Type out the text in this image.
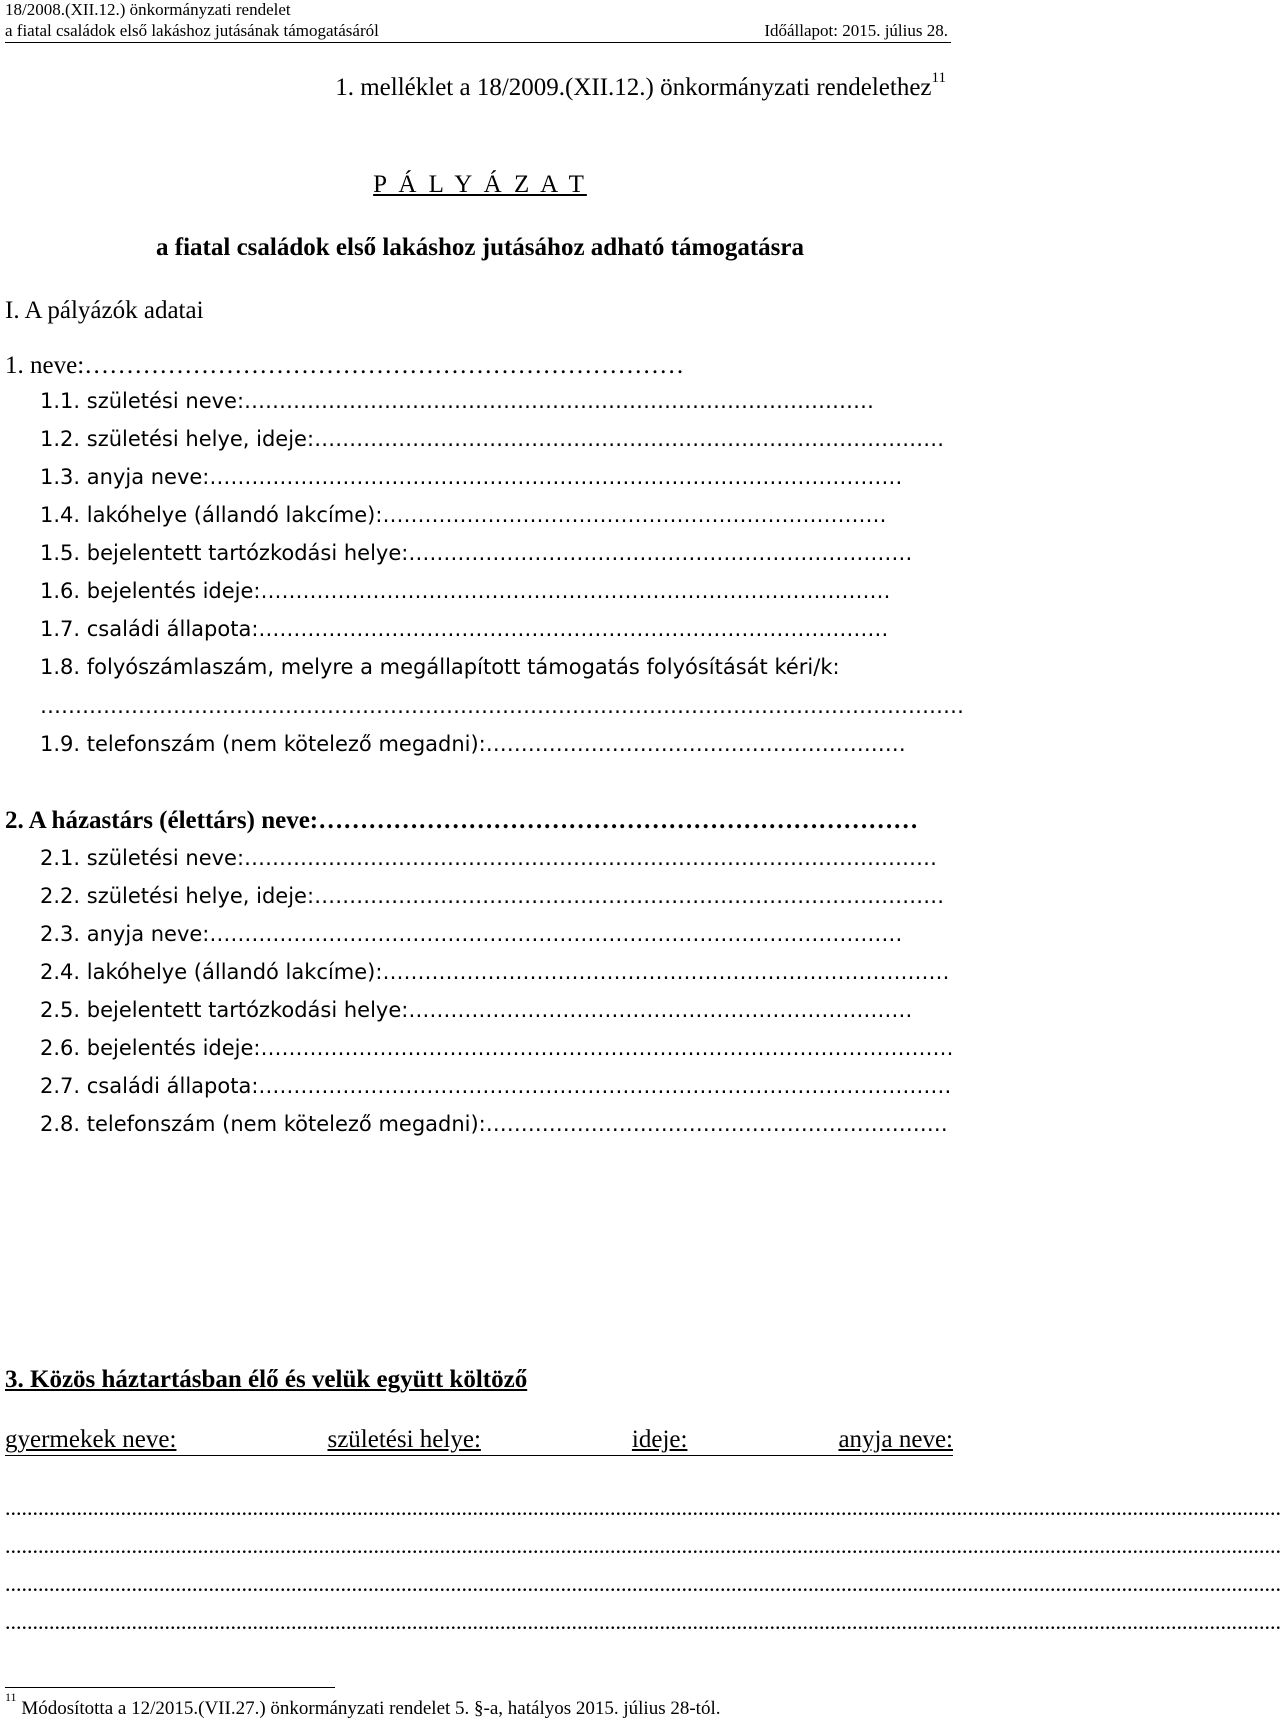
18/2008.(XII.12.) önkormányzati rendelet
a fiatal családok első lakáshoz jutásának támogatásáról	Időállapot: 2015. július 28.
1. melléklet a 18/2009.(XII.12.) önkormányzati rendelethez$^{11}$
P Á L Y Á Z A T
a fiatal családok első lakáshoz jutásához adható támogatásra
I. A pályázók adatai
1. neve:………………………………………………………………
1.1. születési neve:………………………………………………………………………………
1.2. születési helye, ideje:………………………………………………………………………………
1.3. anyja neve:………………………………………………………………………………………
1.4. lakóhelye (állandó lakcíme):………………………………………………………………
1.5. bejelentett tartózkodási helye:………………………………………………………………
1.6. bejelentés ideje:………………………………………………………………………………
1.7. családi állapota:………………………………………………………………………………
1.8. folyószámlaszám, melyre a megállapított támogatás folyósítását kéri/k:
……………………………………………………………………………………………………………………
1.9. telefonszám (nem kötelező megadni):……………………………………………………
2. A házastárs (élettárs) neve:………………………………………………………………
2.1. születési neve:………………………………………………………………………………………
2.2. születési helye, ideje:………………………………………………………………………………
2.3. anyja neve:………………………………………………………………………………………
2.4. lakóhelye (állandó lakcíme):………………………………………………………………………
2.5. bejelentett tartózkodási helye:………………………………………………………………
2.6. bejelentés ideje:………………………………………………………………………………………
2.7. családi állapota:………………………………………………………………………………………
2.8. telefonszám (nem kötelező megadni):…………………………………………………………
3. Közös háztartásban élő és velük együtt költöző
gyermekek neve:	születési helye:	ideje:	anyja neve:
........................................................................................................................................................................................................................................
........................................................................................................................................................................................................................................
........................................................................................................................................................................................................................................
........................................................................................................................................................................................................................................
$^{11}$ Módosította a 12/2015.(VII.27.) önkormányzati rendelet 5. §-a, hatályos 2015. július 28-tól.
